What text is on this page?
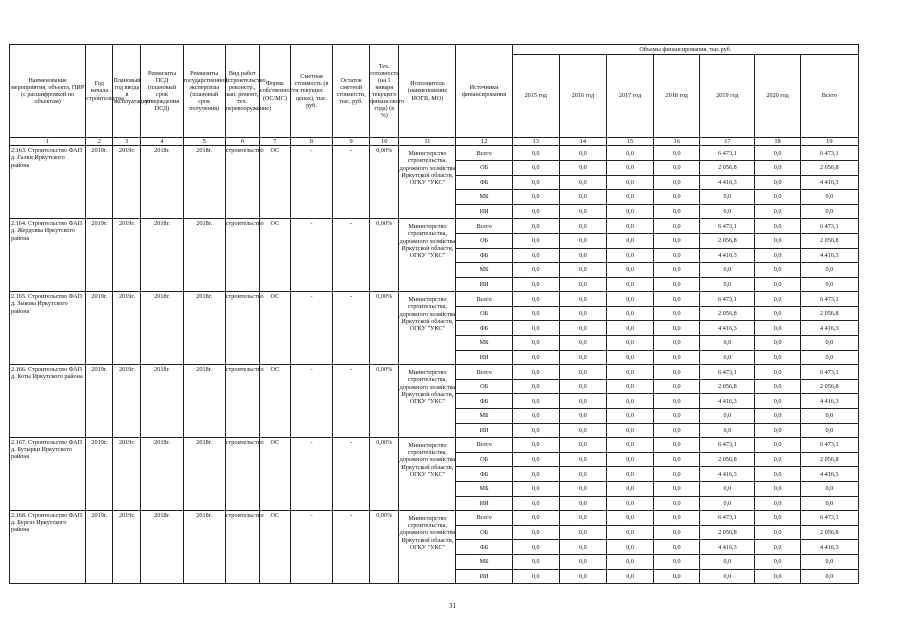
Наименование мероприятия, объекта, ПИР (с расшифровкой по объектам)	Год начала строительства	Плановый год ввода в эксплуатацию	Реквизиты ПСД (плановый срок утверждения ПСД)	Реквизиты государственной экспертизы (плановый срок получения)	Вид работ (строительство, реконстр., кап. ремонт, тех. перевооружение)	Форма собственности (ОС/МС)	Сметная стоимость (в текущих ценах), тыс. руб.	Остаток сметной стоимости, тыс. руб.	Тех. готовность (на 1 января текущего финансового года) (в %)	Исполнитель (наименование ИОГВ, МО)	Источники финансирования	Объемы финансирования, тыс.руб.						
												2015 год	2016 год	2017 год	2018 год	2019 год	2020 год	Всего
1	2	3	4	5	6	7	8	9	10	11	12	13	14	15	16	17	18	19
2.163. Строительство ФАП д. Галки Иркутского района	2019г.	2019г.	2018г.	2018г.	строительство	ОС	-	-	0,00%	Министерство строительства, дорожного хозяйства Иркутской области, ОГКУ "УКС"	Всего	0,0	0,0	0,0	0,0	6 473,1	0,0	6 473,1
											ОБ	0,0	0,0	0,0	0,0	2 056,8	0,0	2 056,8
											ФБ	0,0	0,0	0,0	0,0	4 416,3	0,0	4 416,3
											МБ	0,0	0,0	0,0	0,0	0,0	0,0	0,0
											ИИ	0,0	0,0	0,0	0,0	0,0	0,0	0,0
2.164. Строительство ФАП д. Жердовка Иркутского района	2019г.	2019г.	2018г.	2018г.	строительство	ОС	-	-	0,00%	Министерство строительства, дорожного хозяйства Иркутской области, ОГКУ "УКС"	Всего	0,0	0,0	0,0	0,0	6 473,1	0,0	6 473,1
											ОБ	0,0	0,0	0,0	0,0	2 056,8	0,0	2 056,8
											ФБ	0,0	0,0	0,0	0,0	4 416,3	0,0	4 416,3
											МБ	0,0	0,0	0,0	0,0	0,0	0,0	0,0
											ИИ	0,0	0,0	0,0	0,0	0,0	0,0	0,0
2.165. Строительство ФАП д. Зыкова Иркутского района	2019г.	2019г.	2018г.	2018г.	строительство	ОС	-	-	0,00%	Министерство строительства, дорожного хозяйства Иркутской области, ОГКУ "УКС"	Всего	0,0	0,0	0,0	0,0	6 473,1	0,0	6 473,1
											ОБ	0,0	0,0	0,0	0,0	2 056,8	0,0	2 056,8
											ФБ	0,0	0,0	0,0	0,0	4 416,3	0,0	4 416,3
											МБ	0,0	0,0	0,0	0,0	0,0	0,0	0,0
											ИИ	0,0	0,0	0,0	0,0	0,0	0,0	0,0
2.166. Строительство ФАП д. Коты Иркутского района	2019г.	2019г.	2018г.	2018г.	строительство	ОС	-	-	0,00%	Министерство строительства, дорожного хозяйства Иркутской области, ОГКУ "УКС"	Всего	0,0	0,0	0,0	0,0	6 473,1	0,0	6 473,1
											ОБ	0,0	0,0	0,0	0,0	2 056,8	0,0	2 056,8
											ФБ	0,0	0,0	0,0	0,0	4 416,3	0,0	4 416,3
											МБ	0,0	0,0	0,0	0,0	0,0	0,0	0,0
											ИИ	0,0	0,0	0,0	0,0	0,0	0,0	0,0
2.167. Строительство ФАП д. Бутырки Иркутского района	2019г.	2019г.	2018г.	2018г.	строительство	ОС	-	-	0,00%	Министерство строительства, дорожного хозяйства Иркутской области, ОГКУ "УКС"	Всего	0,0	0,0	0,0	0,0	6 473,1	0,0	6 473,1
											ОБ	0,0	0,0	0,0	0,0	2 056,8	0,0	2 056,8
											ФБ	0,0	0,0	0,0	0,0	4 416,3	0,0	4 416,3
											МБ	0,0	0,0	0,0	0,0	0,0	0,0	0,0
											ИИ	0,0	0,0	0,0	0,0	0,0	0,0	0,0
2.168. Строительство ФАП д. Бургаз Иркутского района	2019г.	2019г.	2018г.	2018г.	строительство	ОС	-	-	0,00%	Министерство строительства, дорожного хозяйства Иркутской области, ОГКУ "УКС"	Всего	0,0	0,0	0,0	0,0	6 473,1	0,0	6 473,1
											ОБ	0,0	0,0	0,0	0,0	2 056,8	0,0	2 056,8
											ФБ	0,0	0,0	0,0	0,0	4 416,3	0,0	4 416,3
											МБ	0,0	0,0	0,0	0,0	0,0	0,0	0,0
											ИИ	0,0	0,0	0,0	0,0	0,0	0,0	0,0
31
